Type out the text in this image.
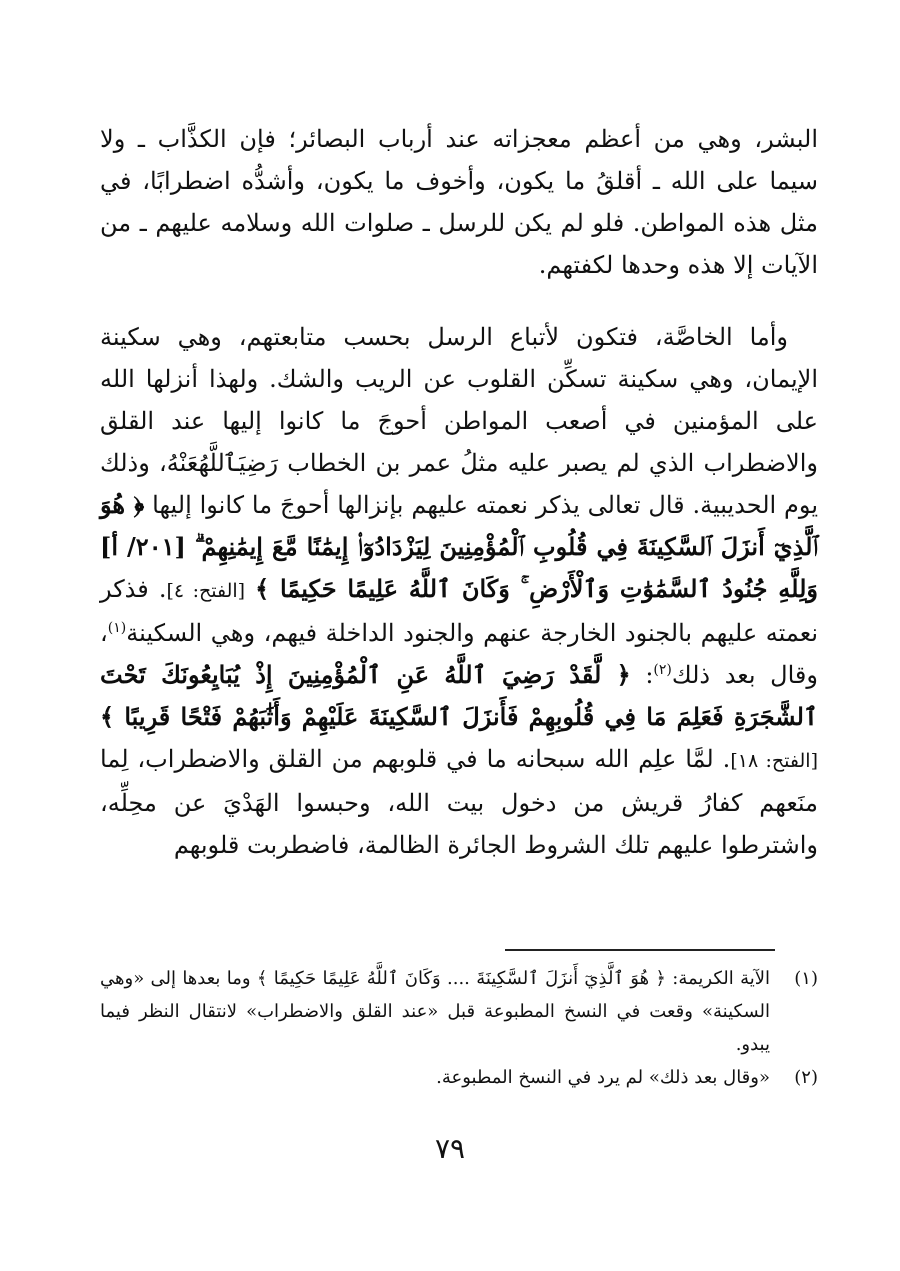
البشر، وهي من أعظم معجزاته عند أرباب البصائر؛ فإن الكذَّاب ـ ولا سيما على الله ـ أقلقُ ما يكون، وأخوف ما يكون، وأشدُّه اضطرابًا، في مثل هذه المواطن. فلو لم يكن للرسل ـ صلوات الله وسلامه عليهم ـ من الآيات إلا هذه وحدها لكفتهم.

وأما الخاصَّة، فتكون لأتباع الرسل بحسب متابعتهم، وهي سكينة الإيمان، وهي سكينة تسكِّن القلوب عن الريب والشك. ولهذا أنزلها الله على المؤمنين في أصعب المواطن أحوجَ ما كانوا إليها عند القلق والاضطراب الذي لم يصبر عليه مثلُ عمر بن الخطاب رَضِيَٱللَّهُعَنْهُ، وذلك يوم الحديبية. قال تعالى يذكر نعمته عليهم بإنزالها أحوجَ ما كانوا إليها ﴿ هُوَ ٱلَّذِيٓ أَنزَلَ ٱلسَّكِينَةَ فِي قُلُوبِ ٱلْمُؤْمِنِينَ لِيَزْدَادُوٓا۟ إِيمَٰنًا مَّعَ إِيمَٰنِهِمْ ۗ [٢٠١/ أ] وَلِلَّهِ جُنُودُ ٱلسَّمَٰوَٰتِ وَٱلْأَرْضِ ۚ وَكَانَ ٱللَّهُ عَلِيمًا حَكِيمًا ﴾ [الفتح: ٤]. فذكر نعمته عليهم بالجنود الخارجة عنهم والجنود الداخلة فيهم، وهي السكينة$^{(١)}$، وقال بعد ذلك$^{(٢)}$: ﴿ لَّقَدْ رَضِيَ ٱللَّهُ عَنِ ٱلْمُؤْمِنِينَ إِذْ يُبَايِعُونَكَ تَحْتَ ٱلشَّجَرَةِ فَعَلِمَ مَا فِي قُلُوبِهِمْ فَأَنزَلَ ٱلسَّكِينَةَ عَلَيْهِمْ وَأَثَٰبَهُمْ فَتْحًا قَرِيبًا ﴾ [الفتح: ١٨]. لمَّا علِم الله سبحانه ما في قلوبهم من القلق والاضطراب، لِما منَعهم كفارُ قريش من دخول بيت الله، وحبسوا الهَدْيَ عن محِلِّه، واشترطوا عليهم تلك الشروط الجائرة الظالمة، فاضطربت قلوبهم

(١)الآية الكريمة: ﴿ هُوَ ٱلَّذِيٓ أَنزَلَ ٱلسَّكِينَةَ .... وَكَانَ ٱللَّهُ عَلِيمًا حَكِيمًا ﴾ وما بعدها إلى «وهي السكينة» وقعت في النسخ المطبوعة قبل «عند القلق والاضطراب» لانتقال النظر فيما يبدو.

(٢)«وقال بعد ذلك» لم يرد في النسخ المطبوعة.

٧٩
